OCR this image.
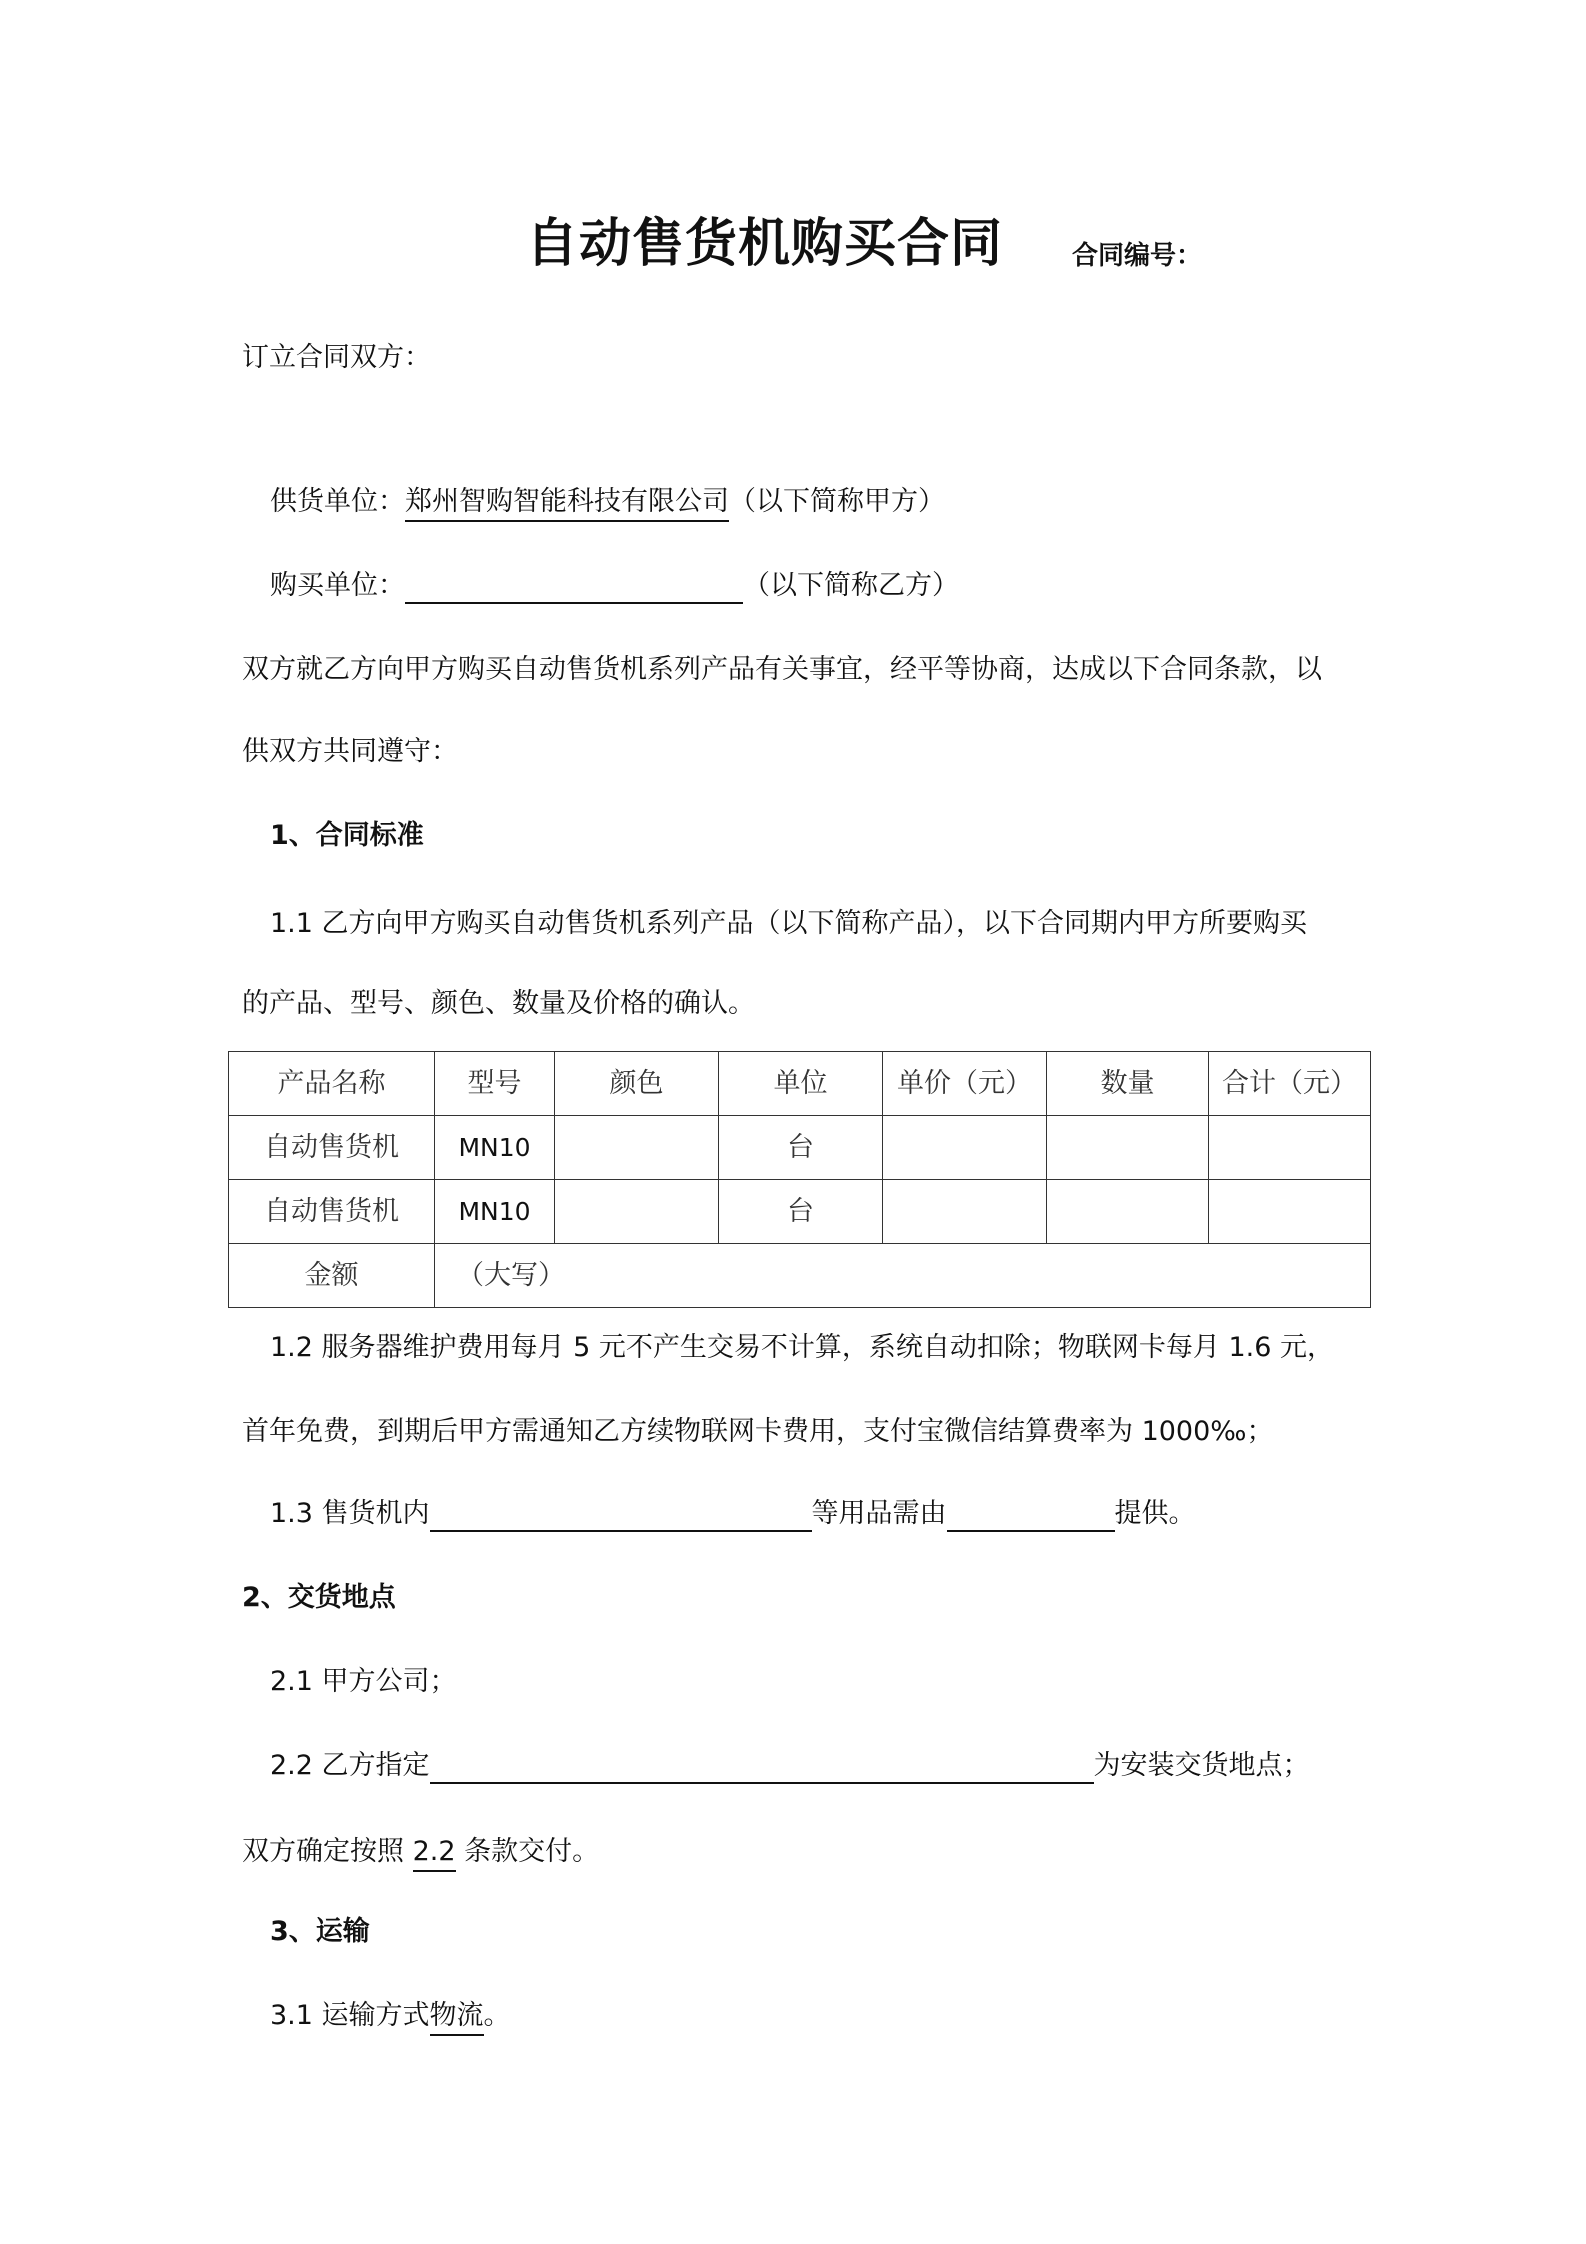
自动售货机购买合同	合同编号：
订立合同双方：
供货单位：郑州智购智能科技有限公司（以下简称甲方）
购买单位：	（以下简称乙方）
双方就乙方向甲方购买自动售货机系列产品有关事宜，经平等协商，达成以下合同条款，以
供双方共同遵守：
1、合同标准
1.1 乙方向甲方购买自动售货机系列产品（以下简称产品），以下合同期内甲方所要购买
的产品、型号、颜色、数量及价格的确认。
产品名称	型号	颜色	单位	单价（元）	数量	合计（元）
自动售货机	MN10		台			
自动售货机	MN10		台			
金额	（大写）					
1.2 服务器维护费用每月 5 元不产生交易不计算，系统自动扣除；物联网卡每月 1.6 元，
首年免费，到期后甲方需通知乙方续物联网卡费用，支付宝微信结算费率为 1000‰；
1.3 售货机内	等用品需由	提供。
2、交货地点
2.1 甲方公司；
2.2 乙方指定	为安装交货地点；
双方确定按照 2.2 条款交付。
3、运输
3.1 运输方式物流。
